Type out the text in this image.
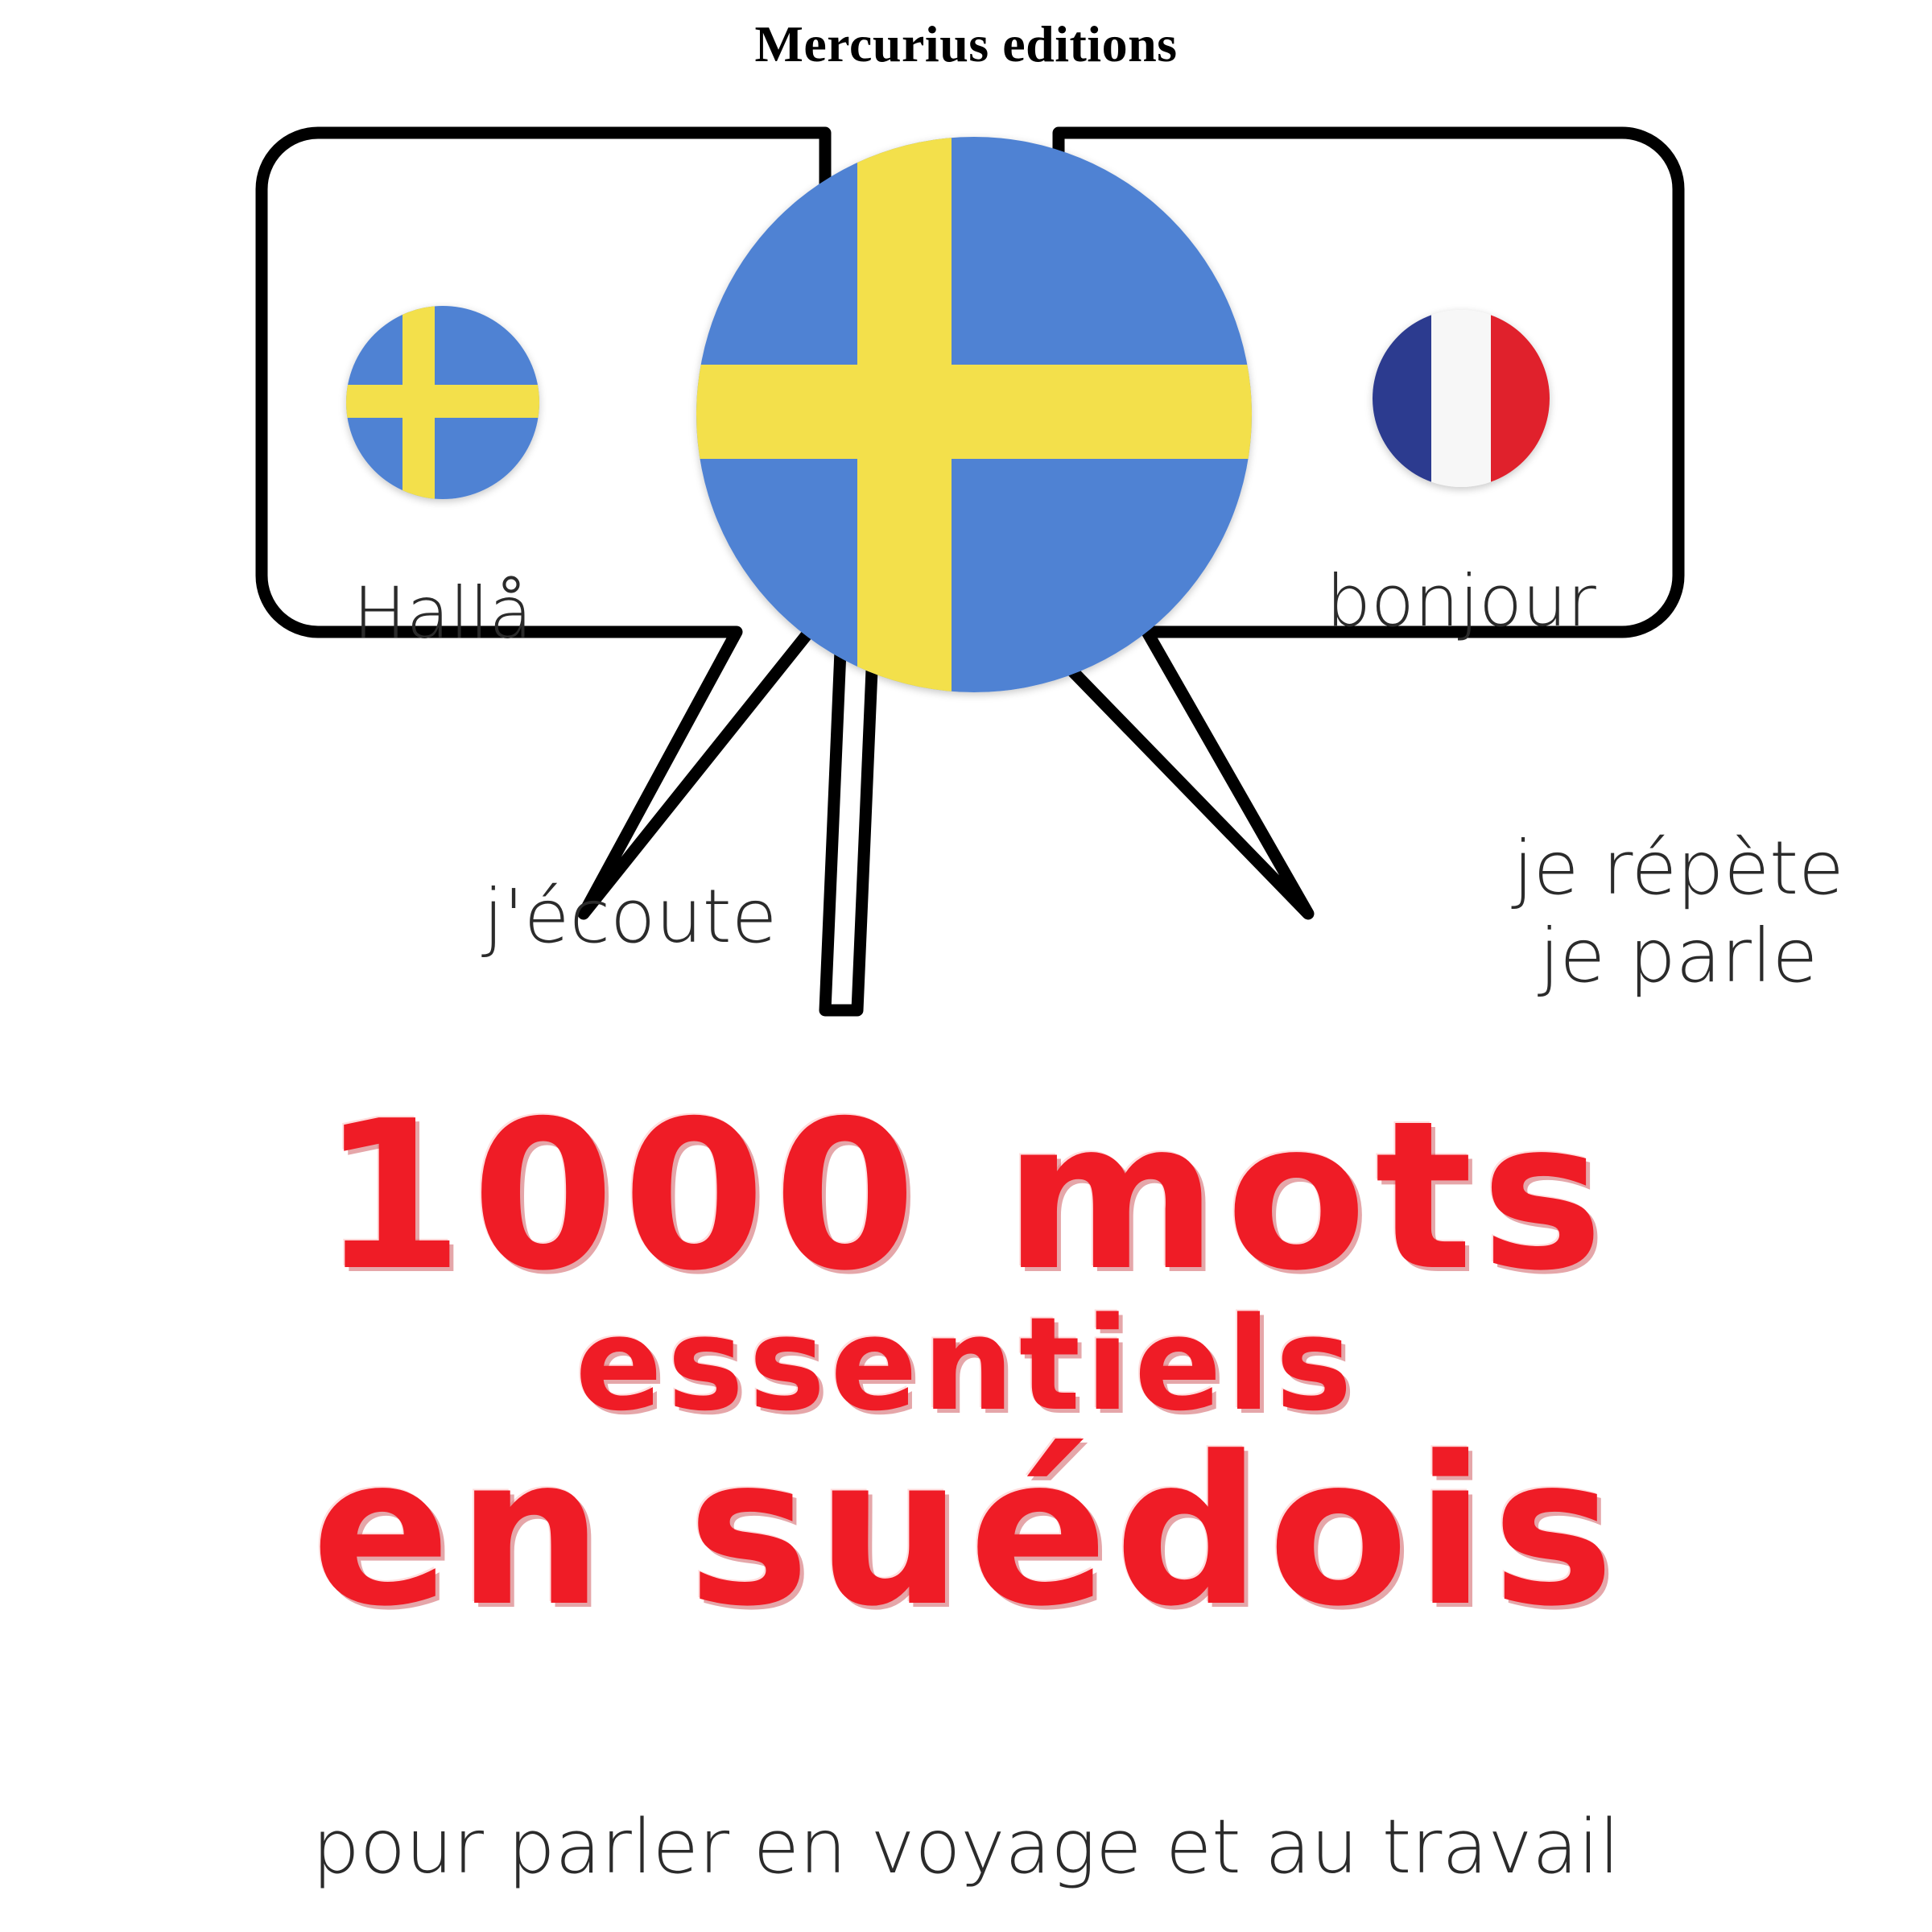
Mercurius editions
Hallå	bonjour
j'écoute
je répète
je parle
1000 mots
essentiels
en suédois
pour parler en voyage et au travail
